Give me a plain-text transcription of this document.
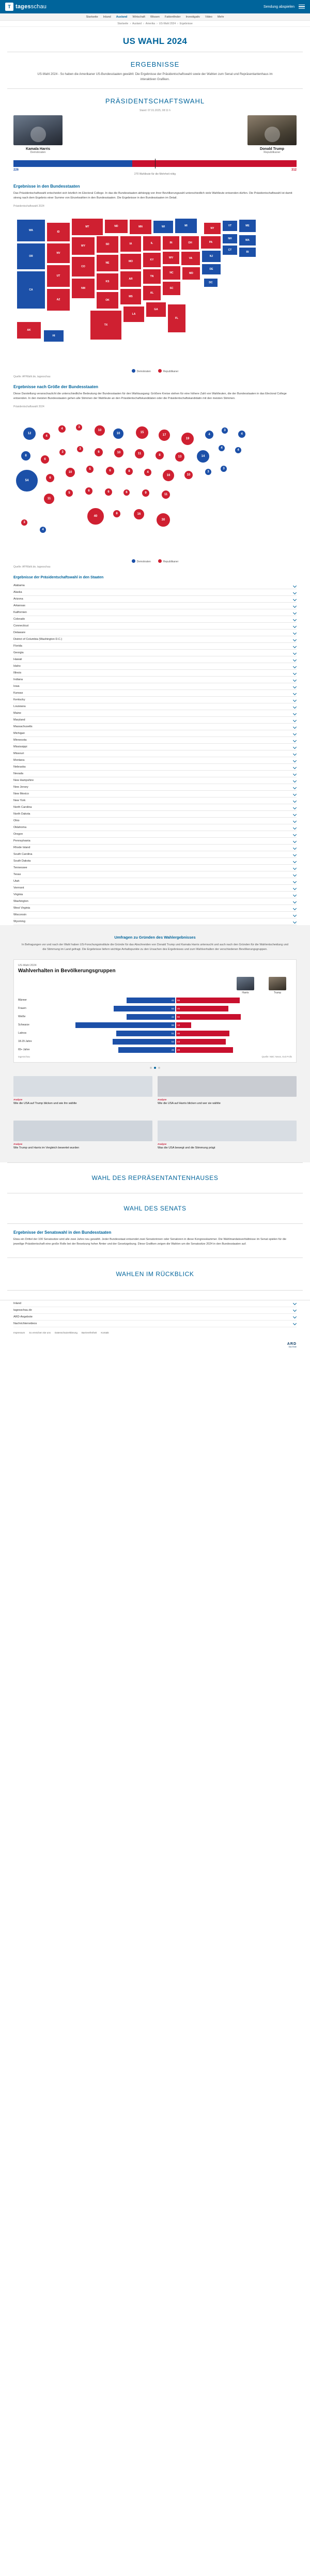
T tagesschau	Sendung abspielen
Startseite Inland Ausland Wirtschaft Wissen Faktenfinder Investigativ Video Mehr
Startseite › Ausland › Amerika › US-Wahl 2024 › Ergebnisse
US WAHL 2024
ERGEBNISSE
US-Wahl 2024 - So haben die Amerikaner US-Bundesstaaten gewählt: Die Ergebnisse der Präsidentschaftswahl sowie der Wahlen zum Senat und Repräsentantenhaus im interaktiven Grafiken.
PRÄSIDENTSCHAFTSWAHL
Stand: 07.01.2025, 08:11 h
Kamala Harris
Demokraten
Donald Trump
Republikaner
226	312
270 Wahlleute für die Mehrheit nötig
Ergebnisse in den Bundesstaaten

Das Präsidentschaftswahl entscheidet sich letztlich im Electoral College. In das die Bundesstaaten abhängig von ihrer Bevölkerungszahl unterschiedlich viele Wahlleute entsenden dürfen. Die Präsidentschaftswahl ist damit streng nach dem Ergebnis einer Summe von Einzelwahlen in den Bundesstaaten. Die Ergebnisse in den Bundesstaaten im Detail.

Präsidentschaftswahl 2024
WA	ID
MT	ND	MN	WI	MI
NY
VT	ME
OR
NV
WY	SD	IA	IL	IN	OH	PA
NH	MA
CA
UT
CO
NE	MO	KY
WV	VA
NJ
CT
RI
AZ
NM
KS
AR
TN
NC	MD
DE
OK
MS
AL
SC
TX
LA
GA
FL
AK
HI
DC
Demokraten	Republikaner
Quelle: AP/Wahl.de, tagesschau
Ergebnisse nach Größe der Bundesstaaten

Diese Darstellung veranschaulicht die unterschiedliche Bedeutung der Bundesstaaten für den Wahlausgang: Größere Kreise stehen für eine höhere Zahl von Wahlleuten, die der Bundesstaaten in das Electoral College entsenden. In den meisten Bundesstaaten gehen alle Stimmen der Wahlleute an den Präsidentschaftskandidaten oder die Präsidentschaftskandidatin mit den meisten Stimmen.

Präsidentschaftswahl 2024
12
4
4	3
10
10	15
17
19
4
3
4
8
6
3
3
6	10	11	8	13	14
4
4
54
6
10
5	6	8	4
16	10
3
3
11
5
6	6	6	9	11
40
8	16
30
3
4
Demokraten	Republikaner
Quelle: AP/Wahl.de, tagesschau
Ergebnisse der Präsidentschaftswahl in den Staaten
Alabama
Alaska
Arizona
Arkansas
Kalifornien
Colorado
Connecticut
Delaware
District of Columbia (Washington D.C.)
Florida
Georgia
Hawaii
Idaho
Illinois
Indiana
Iowa
Kansas
Kentucky
Louisiana
Maine
Maryland
Massachusetts
Michigan
Minnesota
Mississippi
Missouri
Montana
Nebraska
Nevada
New Hampshire
New Jersey
New Mexico
New York
North Carolina
North Dakota
Ohio
Oklahoma
Oregon
Pennsylvania
Rhode Island
South Carolina
South Dakota
Tennessee
Texas
Utah
Vermont
Virginia
Washington
West Virginia
Wisconsin
Wyoming
Umfragen zu Gründen des Wahlergebnisses
In Befragungen vor und nach der Wahl haben US-Forschungsinstitute die Gründe für das Abschneiden von Donald Trump und Kamala Harris untersucht und auch nach den Gründen für die Wahlentscheidung und die Stimmung im Land gefragt. Die Ergebnisse liefern wichtige Anhaltspunkte zu den Ursachen des Ergebnisses und zum Wahlverhalten der verschiedenen Bevölkerungsgruppen.
US-Wahl 2024
Wahlverhalten in Bevölkerungsgruppen
Harris	Trump
Männer	42	55
Frauen	53	45
Weiße	42	56
Schwarze	86	13
Latinos	51	46
18-29 Jahre	54	43
65+ Jahre	49	49
tagesschau	Quelle: NBC News, Exit Polls
Analyse
Wie die USA auf Trump blicken und wie ihn wählte
Analyse
Wie die USA auf Harris blicken und wer sie wählte
Analyse
Wie Trump und Harris im Vergleich bewertet wurden
Analyse
Was die USA bewegt und die Stimmung prägt
WAHL DES REPRÄSENTANTENHAUSES
WAHL DES SENATS
Ergebnisse der Senatswahl in den Bundesstaaten

Etwa ein Drittel der 100 Senatssitze wird alle zwei Jahre neu gewählt. Jeder Bundesstaat entsendet zwei Senatorinnen oder Senatoren in diese Kongresskammer. Die Wahlmandatsverhältnisse im Senat spielen für die jeweilige Präsidentschaft eine große Rolle bei der Besetzung hoher Ämter und der Gesetzgebung. Diese Grafiken zeigen die Wahlen um die Senatssitze 2024 in den Bundesstaaten auf.

WAHLEN IM RÜCKBLICK
Inland
tagesschau.de
ARD-Angebote
Nachrichtenvideos
Impressum So erreichen Sie uns Datenschutzerklärung Barrierefreiheit Kontakt
ARD
Das Erste
